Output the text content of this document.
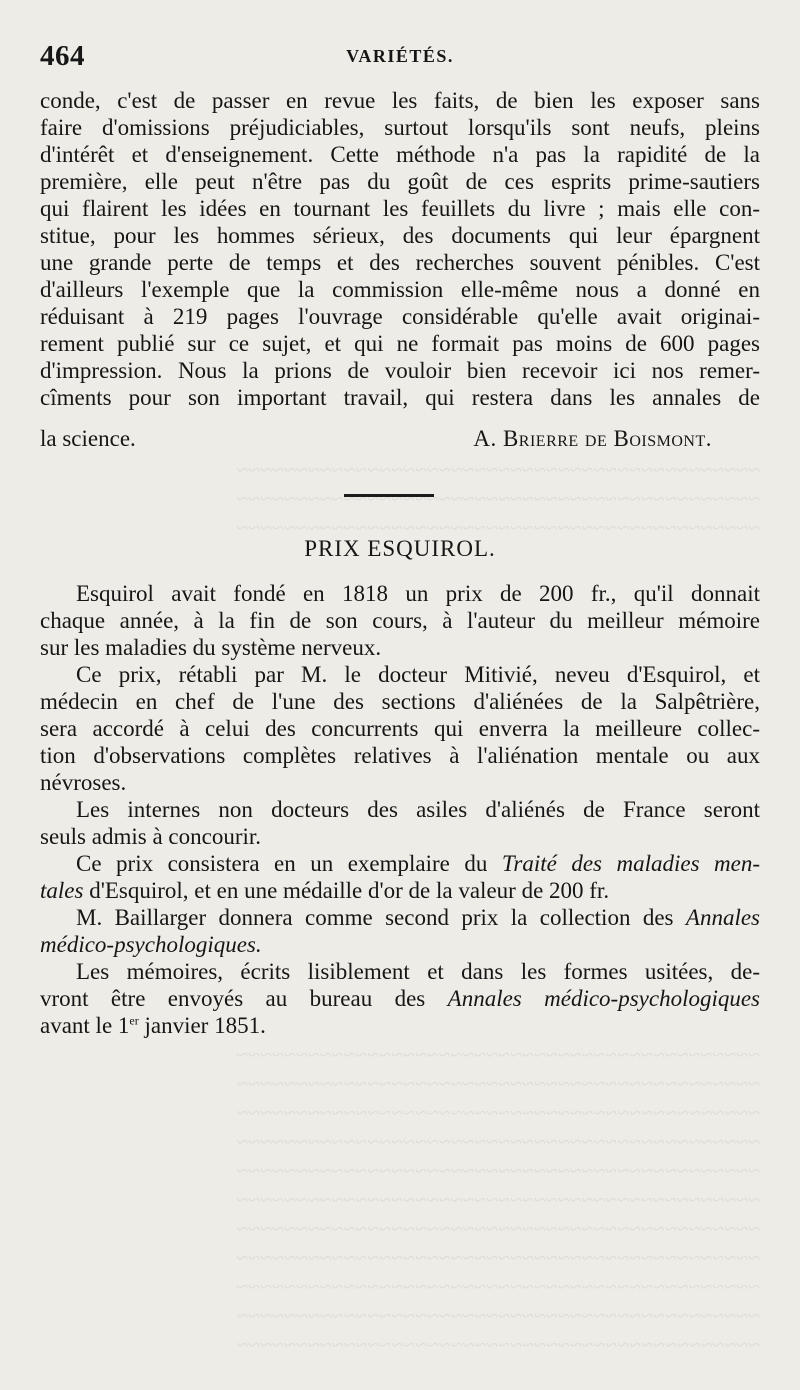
~~~~~~~~~~~~~~~~~~~~~~~~~~~~~~~~~~~~~~~~~~~~
~~~~~~~~~~~~~~~~~~~~~~~~~~~~~~~~~~~~~~~~~~~~
~~~~~~~~~~~~~~~~~~~~~~~~~~~~~~~~~~~~~~~~~~~~
~~~~~~~~~~~~~~~~~~~~~~~~~~~~~~~~~~~~~~~~~~~~
~~~~~~~~~~~~~~~~~~~~~~~~~~~~~~~~~~~~~~~~~~~~
~~~~~~~~~~~~~~~~~~~~~~~~~~~~~~~~~~~~~~~~~~~~
~~~~~~~~~~~~~~~~~~~~~~~~~~~~~~~~~~~~~~~~~~~~
~~~~~~~~~~~~~~~~~~~~~~~~~~~~~~~~~~~~~~~~~~~~
~~~~~~~~~~~~~~~~~~~~~~~~~~~~~~~~~~~~~~~~~~~~
~~~~~~~~~~~~~~~~~~~~~~~~~~~~~~~~~~~~~~~~~~~~
~~~~~~~~~~~~~~~~~~~~~~~~~~~~~~~~~~~~~~~~~~~~
~~~~~~~~~~~~~~~~~~~~~~~~~~~~~~~~~~~~~~~~~~~~
~~~~~~~~~~~~~~~~~~~~~~~~~~~~~~~~~~~~~~~~~~~~
~~~~~~~~~~~~~~~~~~~~~~~~~~~~~~~~~~~~~~~~~~~~
464	VARIÉTÉS.
conde, c'est de passer en revue les faits, de bien les exposer sans
faire d'omissions préjudiciables, surtout lorsqu'ils sont neufs, pleins
d'intérêt et d'enseignement. Cette méthode n'a pas la rapidité de la
première, elle peut n'être pas du goût de ces esprits prime-sautiers
qui flairent les idées en tournant les feuillets du livre ; mais elle con-
stitue, pour les hommes sérieux, des documents qui leur épargnent
une grande perte de temps et des recherches souvent pénibles. C'est
d'ailleurs l'exemple que la commission elle-même nous a donné en
réduisant à 219 pages l'ouvrage considérable qu'elle avait originai-
rement publié sur ce sujet, et qui ne formait pas moins de 600 pages
d'impression. Nous la prions de vouloir bien recevoir ici nos remer-
cîments pour son important travail, qui restera dans les annales de
la science.	A. Brierre de Boismont.
PRIX ESQUIROL.
Esquirol avait fondé en 1818 un prix de 200 fr., qu'il donnait
chaque année, à la fin de son cours, à l'auteur du meilleur mémoire
sur les maladies du système nerveux.
Ce prix, rétabli par M. le docteur Mitivié, neveu d'Esquirol, et
médecin en chef de l'une des sections d'aliénées de la Salpêtrière,
sera accordé à celui des concurrents qui enverra la meilleure collec-
tion d'observations complètes relatives à l'aliénation mentale ou aux
névroses.
Les internes non docteurs des asiles d'aliénés de France seront
seuls admis à concourir.
Ce prix consistera en un exemplaire du Traité des maladies men-
tales d'Esquirol, et en une médaille d'or de la valeur de 200 fr.
M. Baillarger donnera comme second prix la collection des Annales
médico-psychologiques.
Les mémoires, écrits lisiblement et dans les formes usitées, de-
vront être envoyés au bureau des Annales médico-psychologiques
avant le 1er janvier 1851.
